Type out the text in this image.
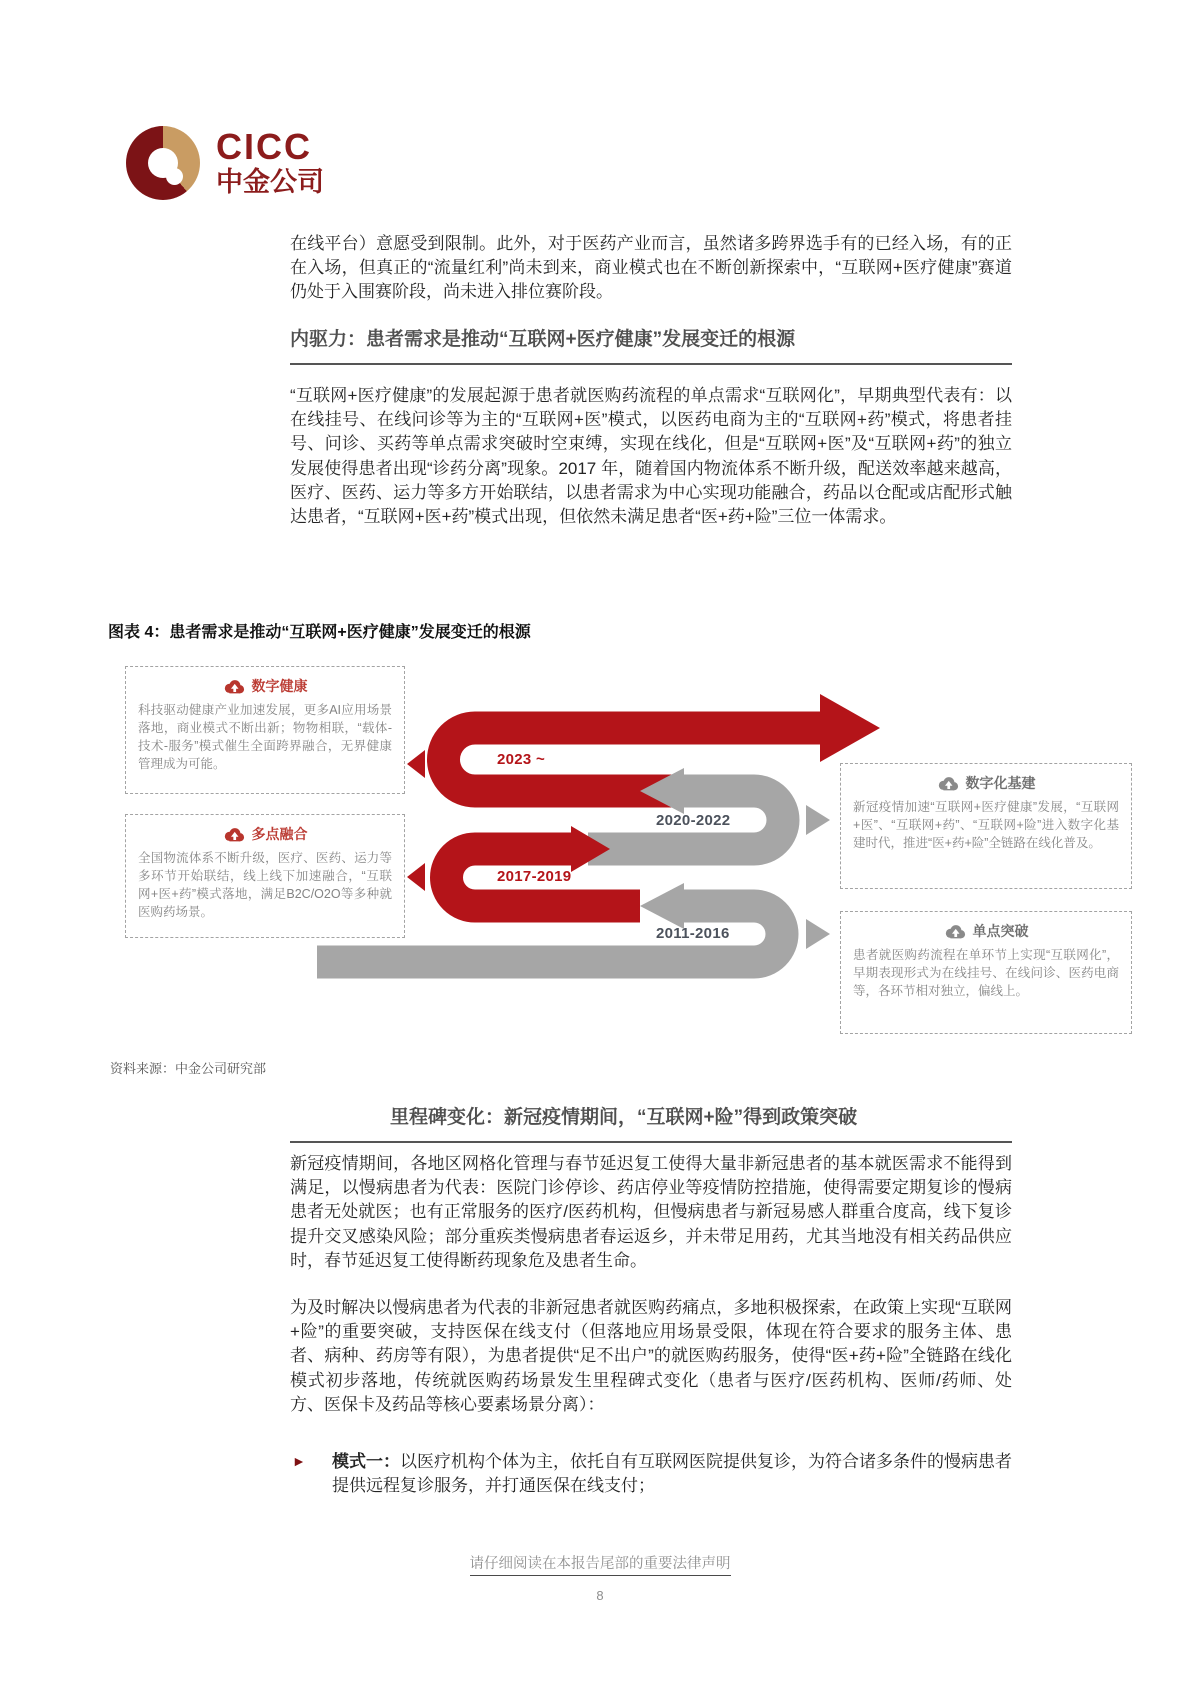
CICC
中金公司
在线平台）意愿受到限制。此外，对于医药产业而言，虽然诸多跨界选手有的已经入场，有的正在入场，但真正的“流量红利”尚未到来，商业模式也在不断创新探索中，“互联网+医疗健康”赛道仍处于入围赛阶段，尚未进入排位赛阶段。
内驱力：患者需求是推动“互联网+医疗健康”发展变迁的根源
“互联网+医疗健康”的发展起源于患者就医购药流程的单点需求“互联网化”，早期典型代表有：以在线挂号、在线问诊等为主的“互联网+医”模式，以医药电商为主的“互联网+药”模式，将患者挂号、问诊、买药等单点需求突破时空束缚，实现在线化，但是“互联网+医”及“互联网+药”的独立发展使得患者出现“诊药分离”现象。2017 年，随着国内物流体系不断升级，配送效率越来越高，医疗、医药、运力等多方开始联结，以患者需求为中心实现功能融合，药品以仓配或店配形式触达患者，“互联网+医+药”模式出现，但依然未满足患者“医+药+险”三位一体需求。
图表 4：患者需求是推动“互联网+医疗健康”发展变迁的根源
2023 ~
2020-2022
2017-2019
2011-2016
数字健康
科技驱动健康产业加速发展，更多AI应用场景落地，商业模式不断出新；物物相联，“载体-技术-服务”模式催生全面跨界融合，无界健康管理成为可能。
多点融合
全国物流体系不断升级，医疗、医药、运力等多环节开始联结，线上线下加速融合，“互联网+医+药”模式落地，满足B2C/O2O等多种就医购药场景。
数字化基建
新冠疫情加速“互联网+医疗健康”发展，“互联网+医”、“互联网+药”、“互联网+险”进入数字化基建时代，推进“医+药+险”全链路在线化普及。
单点突破
患者就医购药流程在单环节上实现“互联网化”，早期表现形式为在线挂号、在线问诊、医药电商等，各环节相对独立，偏线上。
资料来源：中金公司研究部
里程碑变化：新冠疫情期间，“互联网+险”得到政策突破
新冠疫情期间，各地区网格化管理与春节延迟复工使得大量非新冠患者的基本就医需求不能得到满足，以慢病患者为代表：医院门诊停诊、药店停业等疫情防控措施，使得需要定期复诊的慢病患者无处就医；也有正常服务的医疗/医药机构，但慢病患者与新冠易感人群重合度高，线下复诊提升交叉感染风险；部分重疾类慢病患者春运返乡，并未带足用药，尤其当地没有相关药品供应时，春节延迟复工使得断药现象危及患者生命。
为及时解决以慢病患者为代表的非新冠患者就医购药痛点，多地积极探索，在政策上实现“互联网+险”的重要突破，支持医保在线支付（但落地应用场景受限，体现在符合要求的服务主体、患者、病种、药房等有限），为患者提供“足不出户”的就医购药服务，使得“医+药+险”全链路在线化模式初步落地，传统就医购药场景发生里程碑式变化（患者与医疗/医药机构、医师/药师、处方、医保卡及药品等核心要素场景分离）：
► 模式一：以医疗机构个体为主，依托自有互联网医院提供复诊，为符合诸多条件的慢病患者提供远程复诊服务，并打通医保在线支付；
请仔细阅读在本报告尾部的重要法律声明
8
